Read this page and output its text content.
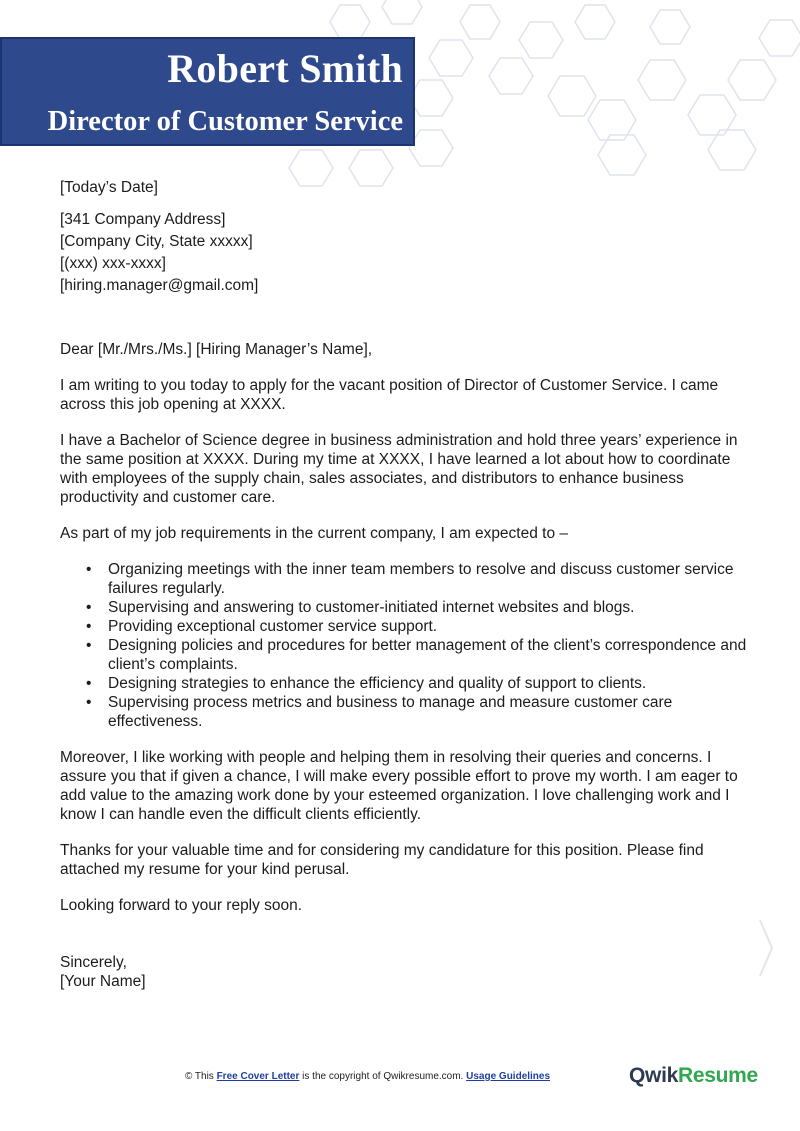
Robert Smith
Director of Customer Service

[Today’s Date]

[341 Company Address]
[Company City, State xxxxx]
[(xxx) xxx-xxxx]
[hiring.manager@gmail.com]

Dear [Mr./Mrs./Ms.] [Hiring Manager’s Name],

I am writing to you today to apply for the vacant position of Director of Customer Service. I came across this job opening at XXXX.

I have a Bachelor of Science degree in business administration and hold three years’ experience in the same position at XXXX. During my time at XXXX, I have learned a lot about how to coordinate with employees of the supply chain, sales associates, and distributors to enhance business productivity and customer care.

As part of my job requirements in the current company, I am expected to –

• Organizing meetings with the inner team members to resolve and discuss customer service failures regularly.
• Supervising and answering to customer-initiated internet websites and blogs.
• Providing exceptional customer service support.
• Designing policies and procedures for better management of the client’s correspondence and client’s complaints.
• Designing strategies to enhance the efficiency and quality of support to clients.
• Supervising process metrics and business to manage and measure customer care effectiveness.

Moreover, I like working with people and helping them in resolving their queries and concerns. I assure you that if given a chance, I will make every possible effort to prove my worth. I am eager to add value to the amazing work done by your esteemed organization. I love challenging work and I know I can handle even the difficult clients efficiently.

Thanks for your valuable time and for considering my candidature for this position. Please find attached my resume for your kind perusal.

Looking forward to your reply soon.

Sincerely,

[Your Name]

© This Free Cover Letter is the copyright of Qwikresume.com. Usage Guidelines	QwikResume
